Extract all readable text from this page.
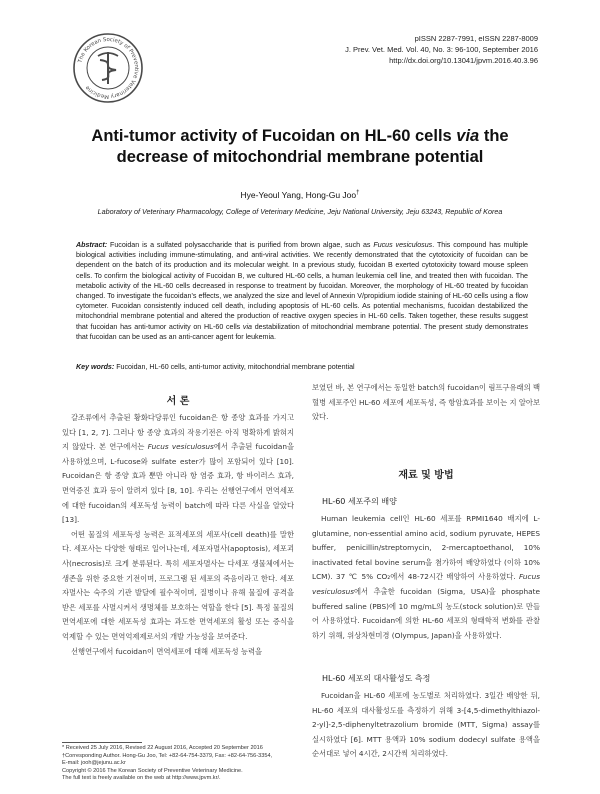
The Korean Society of Preventive Veterinary Medicine
pISSN 2287-7991, eISSN 2287-8009
J. Prev. Vet. Med. Vol. 40, No. 3: 96-100, September 2016
http://dx.doi.org/10.13041/jpvm.2016.40.3.96
Anti-tumor activity of Fucoidan on HL-60 cells via the
decrease of mitochondrial membrane potential
Hye-Yeoul Yang, Hong-Gu Joo†
Laboratory of Veterinary Pharmacology, College of Veterinary Medicine, Jeju National University, Jeju 63243, Republic of Korea
Abstract: Fucoidan is a sulfated polysaccharide that is purified from brown algae, such as Fucus vesiculosus. This compound has multiple biological activities including immune-stimulating, and anti-viral activities. We recently demonstrated that the cytotoxicity of fucoidan can be dependent on the batch of its production and its molecular weight. In a previous study, fucoidan B exerted cytotoxicity toward mouse spleen cells. To confirm the biological activity of Fucoidan B, we cultured HL-60 cells, a human leukemia cell line, and treated then with fucoidan. The metabolic activity of the HL-60 cells decreased in response to treatment by fucoidan. Moreover, the morphology of HL-60 treated by fucoidan changed. To investigate the fucoidan’s effects, we analyzed the size and level of Annexin V/propidium iodide staining of HL-60 cells using a flow cytometer. Fucoidan consistently induced cell death, including apoptosis of HL-60 cells. As potential mechanisms, fucoidan destabilized the mitochondrial membrane potential and altered the production of reactive oxygen species in HL-60 cells. Taken together, these results suggest that fucoidan has anti-tumor activity on HL-60 cells via destabilization of mitochondrial membrane potential. The present study demonstrates that fucoidan can be used as an anti-cancer agent for leukemia.
Key words: Fucoidan, HL-60 cells, anti-tumor activity, mitochondrial membrane potential
서 론

갈조류에서 추출된 황화다당류인 fucoidan은 항 종양 효과를 가지고 있다 [1, 2, 7]. 그러나 항 종양 효과의 작용기전은 아직 명확하게 밝혀지지 않았다. 본 연구에서는 Fucus vesiculosus에서 추출된 fucoidan을 사용하였으며, L-fucose와 sulfate ester가 많이 포함되어 있다 [10]. Fucoidan은 항 종양 효과 뿐만 아니라 항 염증 효과, 항 바이러스 효과, 면역증진 효과 등이 알려져 있다 [8, 10]. 우리는 선행연구에서 면역세포에 대한 fucoidan의 세포독성 능력이 batch에 따라 다른 사실을 알았다 [13].

어떤 물질의 세포독성 능력은 표적세포의 세포사(cell death)를 말한다. 세포사는 다양한 형태로 일어나는데, 세포자멸사(apoptosis), 세포괴사(necrosis)로 크게 분류된다. 특히 세포자멸사는 다세포 생물체에서는 생존을 위한 중요한 기전이며, 프로그램 된 세포의 죽음이라고 한다. 세포자멸사는 숙주의 기관 발달에 필수적이며, 질병이나 유해 물질에 공격을 받은 세포를 사멸시켜서 생명체를 보호하는 역할을 한다 [5]. 특정 물질의 면역세포에 대한 세포독성 효과는 과도한 면역세포의 활성 또는 증식을 억제할 수 있는 면역억제제로서의 개발 가능성을 보여준다.

선행연구에서 fucoidan이 면역세포에 대해 세포독성 능력을

보였던 바, 본 연구에서는 동일한 batch의 fucoidan이 림프구유래의 백혈병 세포주인 HL-60 세포에 세포독성, 즉 항암효과를 보이는 지 알아보았다.

재료 및 방법
HL-60 세포주의 배양

Human leukemia cell인 HL-60 세포를 RPMI1640 배지에 L-glutamine, non-essential amino acid, sodium pyruvate, HEPES buffer, penicillin/streptomycin, 2-mercaptoethanol, 10% inactivated fetal bovine serum을 첨가하여 배양하였다 (이하 10% LCM). 37 ℃ 5% CO₂에서 48-72시간 배양하여 사용하였다. Fucus vesiculosus에서 추출한 fucoidan (Sigma, USA)을 phosphate buffered saline (PBS)에 10 mg/mL의 농도(stock solution)로 만들어 사용하였다. Fucoidan에 의한 HL-60 세포의 형태학적 변화를 관찰하기 위해, 위상차현미경 (Olympus, Japan)을 사용하였다.

HL-60 세포의 대사활성도 측정

Fucoidan을 HL-60 세포에 농도별로 처리하였다. 3일간 배양한 뒤, HL-60 세포의 대사활성도를 측정하기 위해 3-[4,5-dimethylthiazol-2-yl]-2,5-diphenyltetrazolium bromide (MTT, Sigma) assay를 실시하였다 [6]. MTT 용액과 10% sodium dodecyl sulfate 용액을 순서대로 넣어 4시간, 2시간씩 처리하였다.

* Received 25 July 2016, Revised 22 August 2016, Accepted 20 September 2016
†Corresponding Author. Hong-Gu Joo, Tel: +82-64-754-3379, Fax: +82-64-756-3354,
E-mail: jooh@jejunu.ac.kr
Copyright © 2016 The Korean Society of Preventive Veterinary Medicine.
The full text is freely available on the web at http://www.jpvm.kr/.
